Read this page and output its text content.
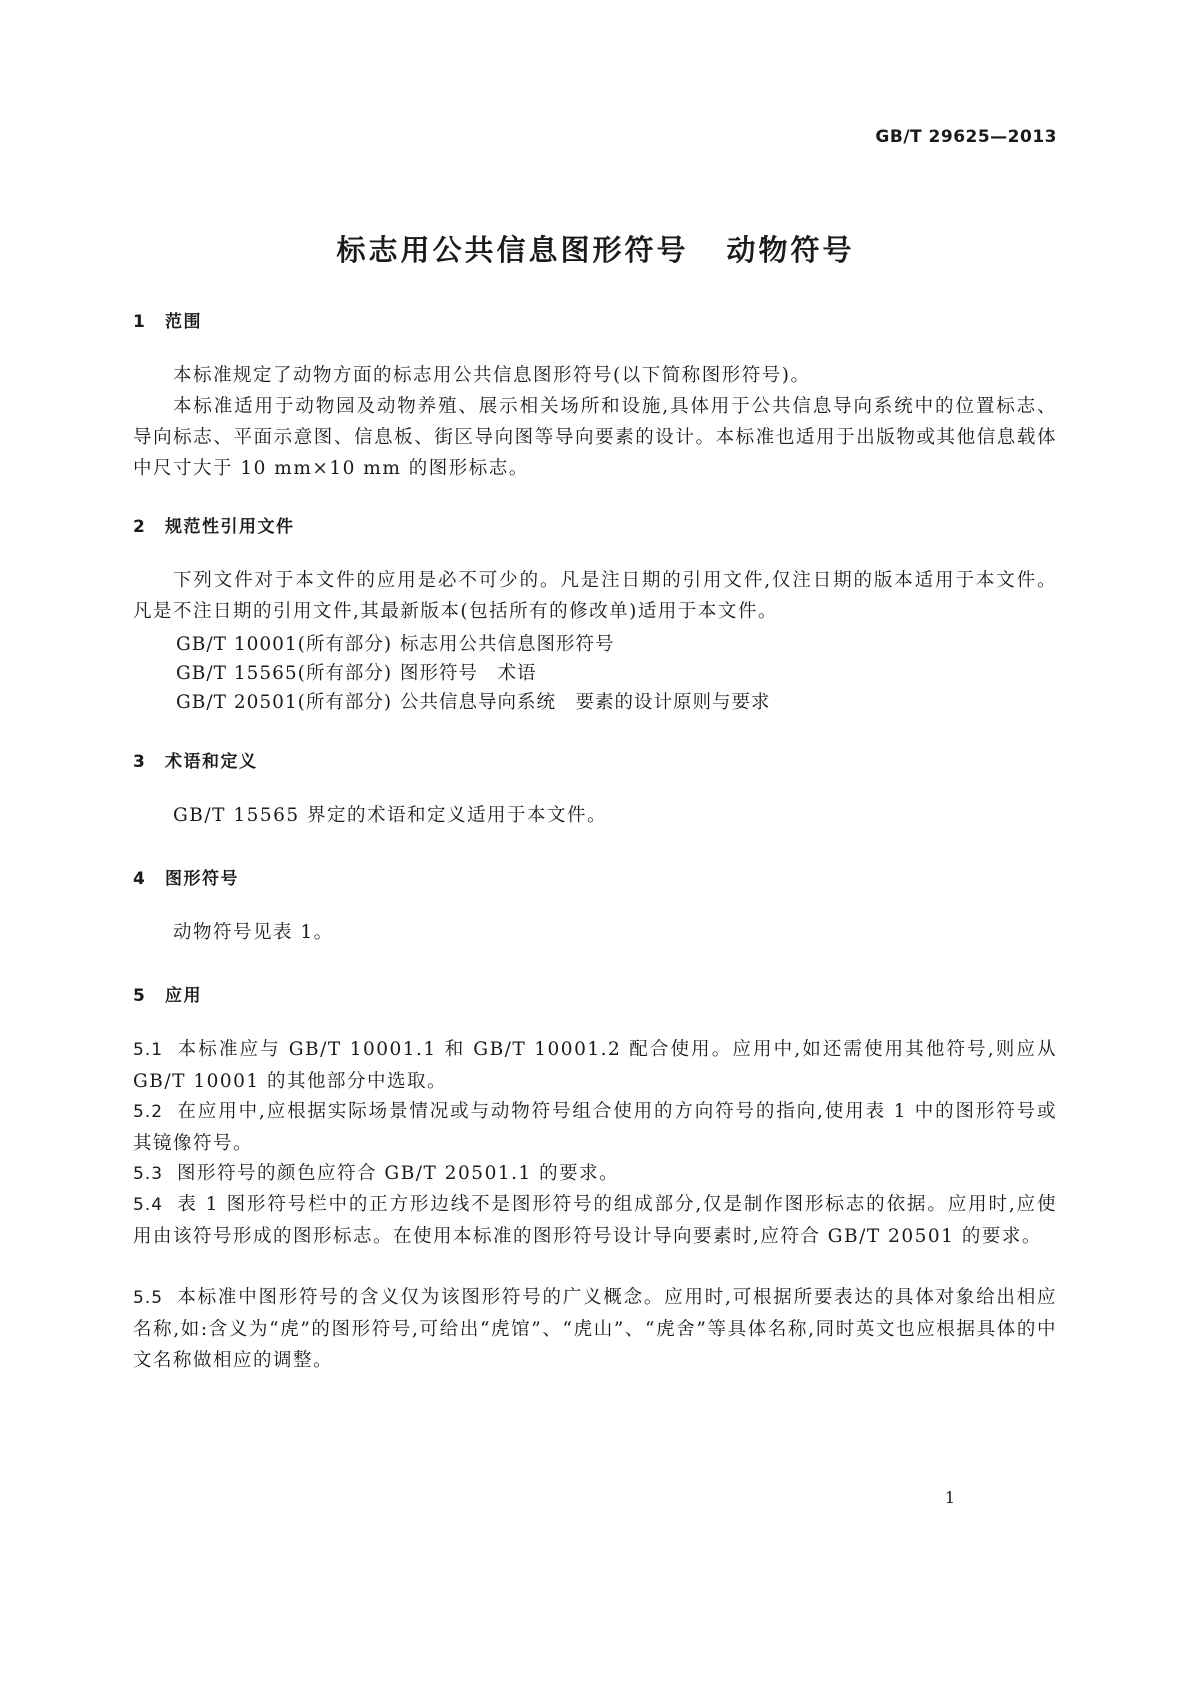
GB/T 29625—2013
标志用公共信息图形符号 动物符号
1 范围

本标准规定了动物方面的标志用公共信息图形符号(以下简称图形符号)。

本标准适用于动物园及动物养殖、展示相关场所和设施,具体用于公共信息导向系统中的位置标志、导向标志、平面示意图、信息板、街区导向图等导向要素的设计。本标准也适用于出版物或其他信息载体中尺寸大于 10 mm×10 mm 的图形标志。

2 规范性引用文件

下列文件对于本文件的应用是必不可少的。凡是注日期的引用文件,仅注日期的版本适用于本文件。凡是不注日期的引用文件,其最新版本(包括所有的修改单)适用于本文件。

GB/T 10001(所有部分) 标志用公共信息图形符号
GB/T 15565(所有部分) 图形符号　术语
GB/T 20501(所有部分) 公共信息导向系统　要素的设计原则与要求
3 术语和定义

GB/T 15565 界定的术语和定义适用于本文件。

4 图形符号

动物符号见表 1。

5 应用

5.1 本标准应与 GB/T 10001.1 和 GB/T 10001.2 配合使用。应用中,如还需使用其他符号,则应从 GB/T 10001 的其他部分中选取。

5.2 在应用中,应根据实际场景情况或与动物符号组合使用的方向符号的指向,使用表 1 中的图形符号或其镜像符号。

5.3 图形符号的颜色应符合 GB/T 20501.1 的要求。

5.4 表 1 图形符号栏中的正方形边线不是图形符号的组成部分,仅是制作图形标志的依据。应用时,应使用由该符号形成的图形标志。在使用本标准的图形符号设计导向要素时,应符合 GB/T 20501 的要求。

5.5 本标准中图形符号的含义仅为该图形符号的广义概念。应用时,可根据所要表达的具体对象给出相应名称,如:含义为“虎”的图形符号,可给出“虎馆”、“虎山”、“虎舍”等具体名称,同时英文也应根据具体的中文名称做相应的调整。

1
